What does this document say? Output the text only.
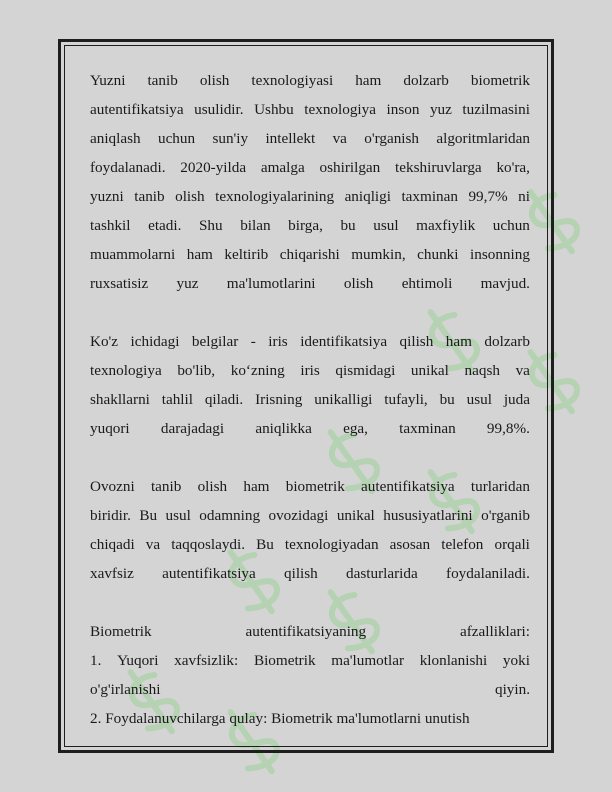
Yuzni tanib olish texnologiyasi ham dolzarb biometrik
autentifikatsiya usulidir. Ushbu texnologiya inson yuz tuzilmasini
aniqlash uchun sun'iy intellekt va o'rganish algoritmlaridan
foydalanadi. 2020-yilda amalga oshirilgan tekshiruvlarga ko'ra,
yuzni tanib olish texnologiyalarining aniqligi taxminan 99,7% ni
tashkil etadi. Shu bilan birga, bu usul maxfiylik uchun
muammolarni ham keltirib chiqarishi mumkin, chunki insonning
ruxsatisiz yuz ma'lumotlarini olish ehtimoli mavjud.
Ko'z ichidagi belgilar - iris identifikatsiya qilish ham dolzarb
texnologiya bo'lib, ko‘zning iris qismidagi unikal naqsh va
shakllarni tahlil qiladi. Irisning unikalligi tufayli, bu usul juda
yuqori darajadagi aniqlikka ega, taxminan 99,8%.
Ovozni tanib olish ham biometrik autentifikatsiya turlaridan
biridir. Bu usul odamning ovozidagi unikal hususiyatlarini o'rganib
chiqadi va taqqoslaydi. Bu texnologiyadan asosan telefon orqali
xavfsiz autentifikatsiya qilish dasturlarida foydalaniladi.
Biometrik	autentifikatsiyaning	afzalliklari:
1. Yuqori xavfsizlik: Biometrik ma'lumotlar klonlanishi yoki
o'g'irlanishi	qiyin.
2. Foydalanuvchilarga qulay: Biometrik ma'lumotlarni unutish
